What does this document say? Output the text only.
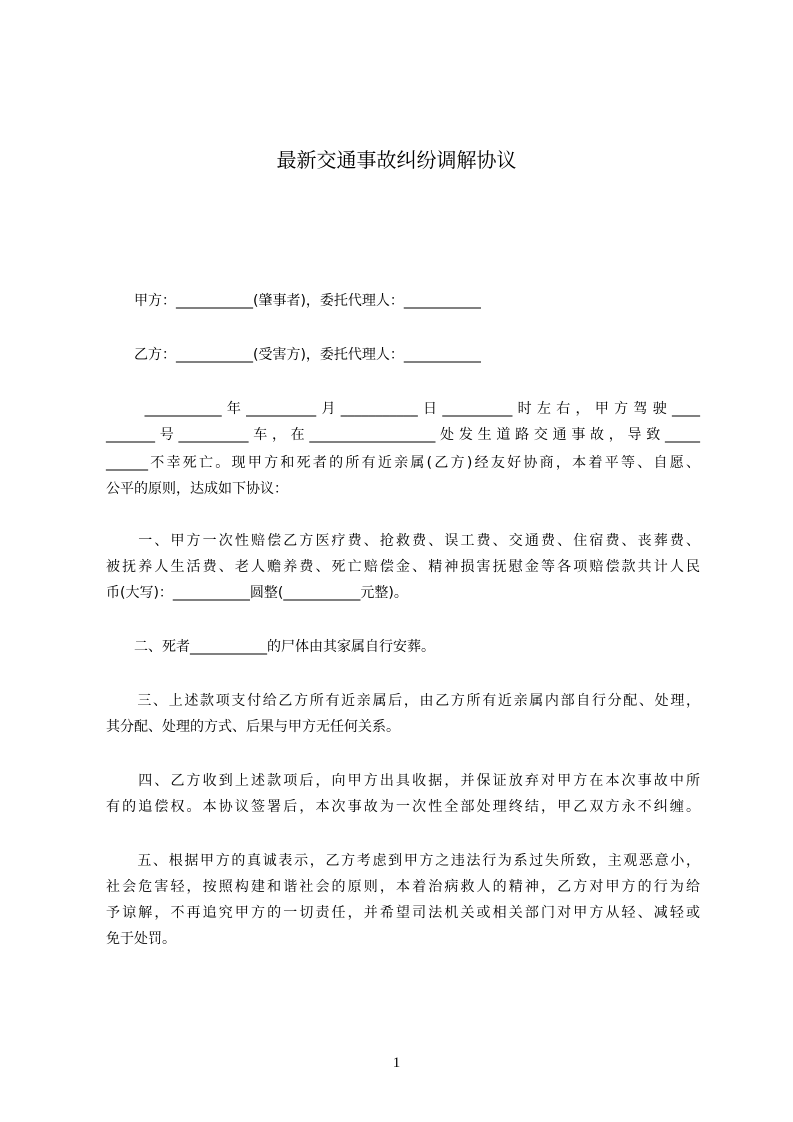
最新交通事故纠纷调解协议
　　甲方：___________(肇事者)，委托代理人：___________
　　乙方：___________(受害方)，委托代理人：___________
　　___________年__________月___________日__________时左右，甲方驾驶____
_______号__________车，在__________________处发生道路交通事故，导致_____
______不幸死亡。现甲方和死者的所有近亲属(乙方)经友好协商，本着平等、自愿、
公平的原则，达成如下协议：
　　一、甲方一次性赔偿乙方医疗费、抢救费、误工费、交通费、住宿费、丧葬费、
被抚养人生活费、老人赡养费、死亡赔偿金、精神损害抚慰金等各项赔偿款共计人民
币(大写)：___________圆整(___________元整)。
　　二、死者___________的尸体由其家属自行安葬。
　　三、上述款项支付给乙方所有近亲属后，由乙方所有近亲属内部自行分配、处理，
其分配、处理的方式、后果与甲方无任何关系。
　　四、乙方收到上述款项后，向甲方出具收据，并保证放弃对甲方在本次事故中所
有的追偿权。本协议签署后，本次事故为一次性全部处理终结，甲乙双方永不纠缠。
　　五、根据甲方的真诚表示，乙方考虑到甲方之违法行为系过失所致，主观恶意小，
社会危害轻，按照构建和谐社会的原则，本着治病救人的精神，乙方对甲方的行为给
予谅解，不再追究甲方的一切责任，并希望司法机关或相关部门对甲方从轻、减轻或
免于处罚。
1
